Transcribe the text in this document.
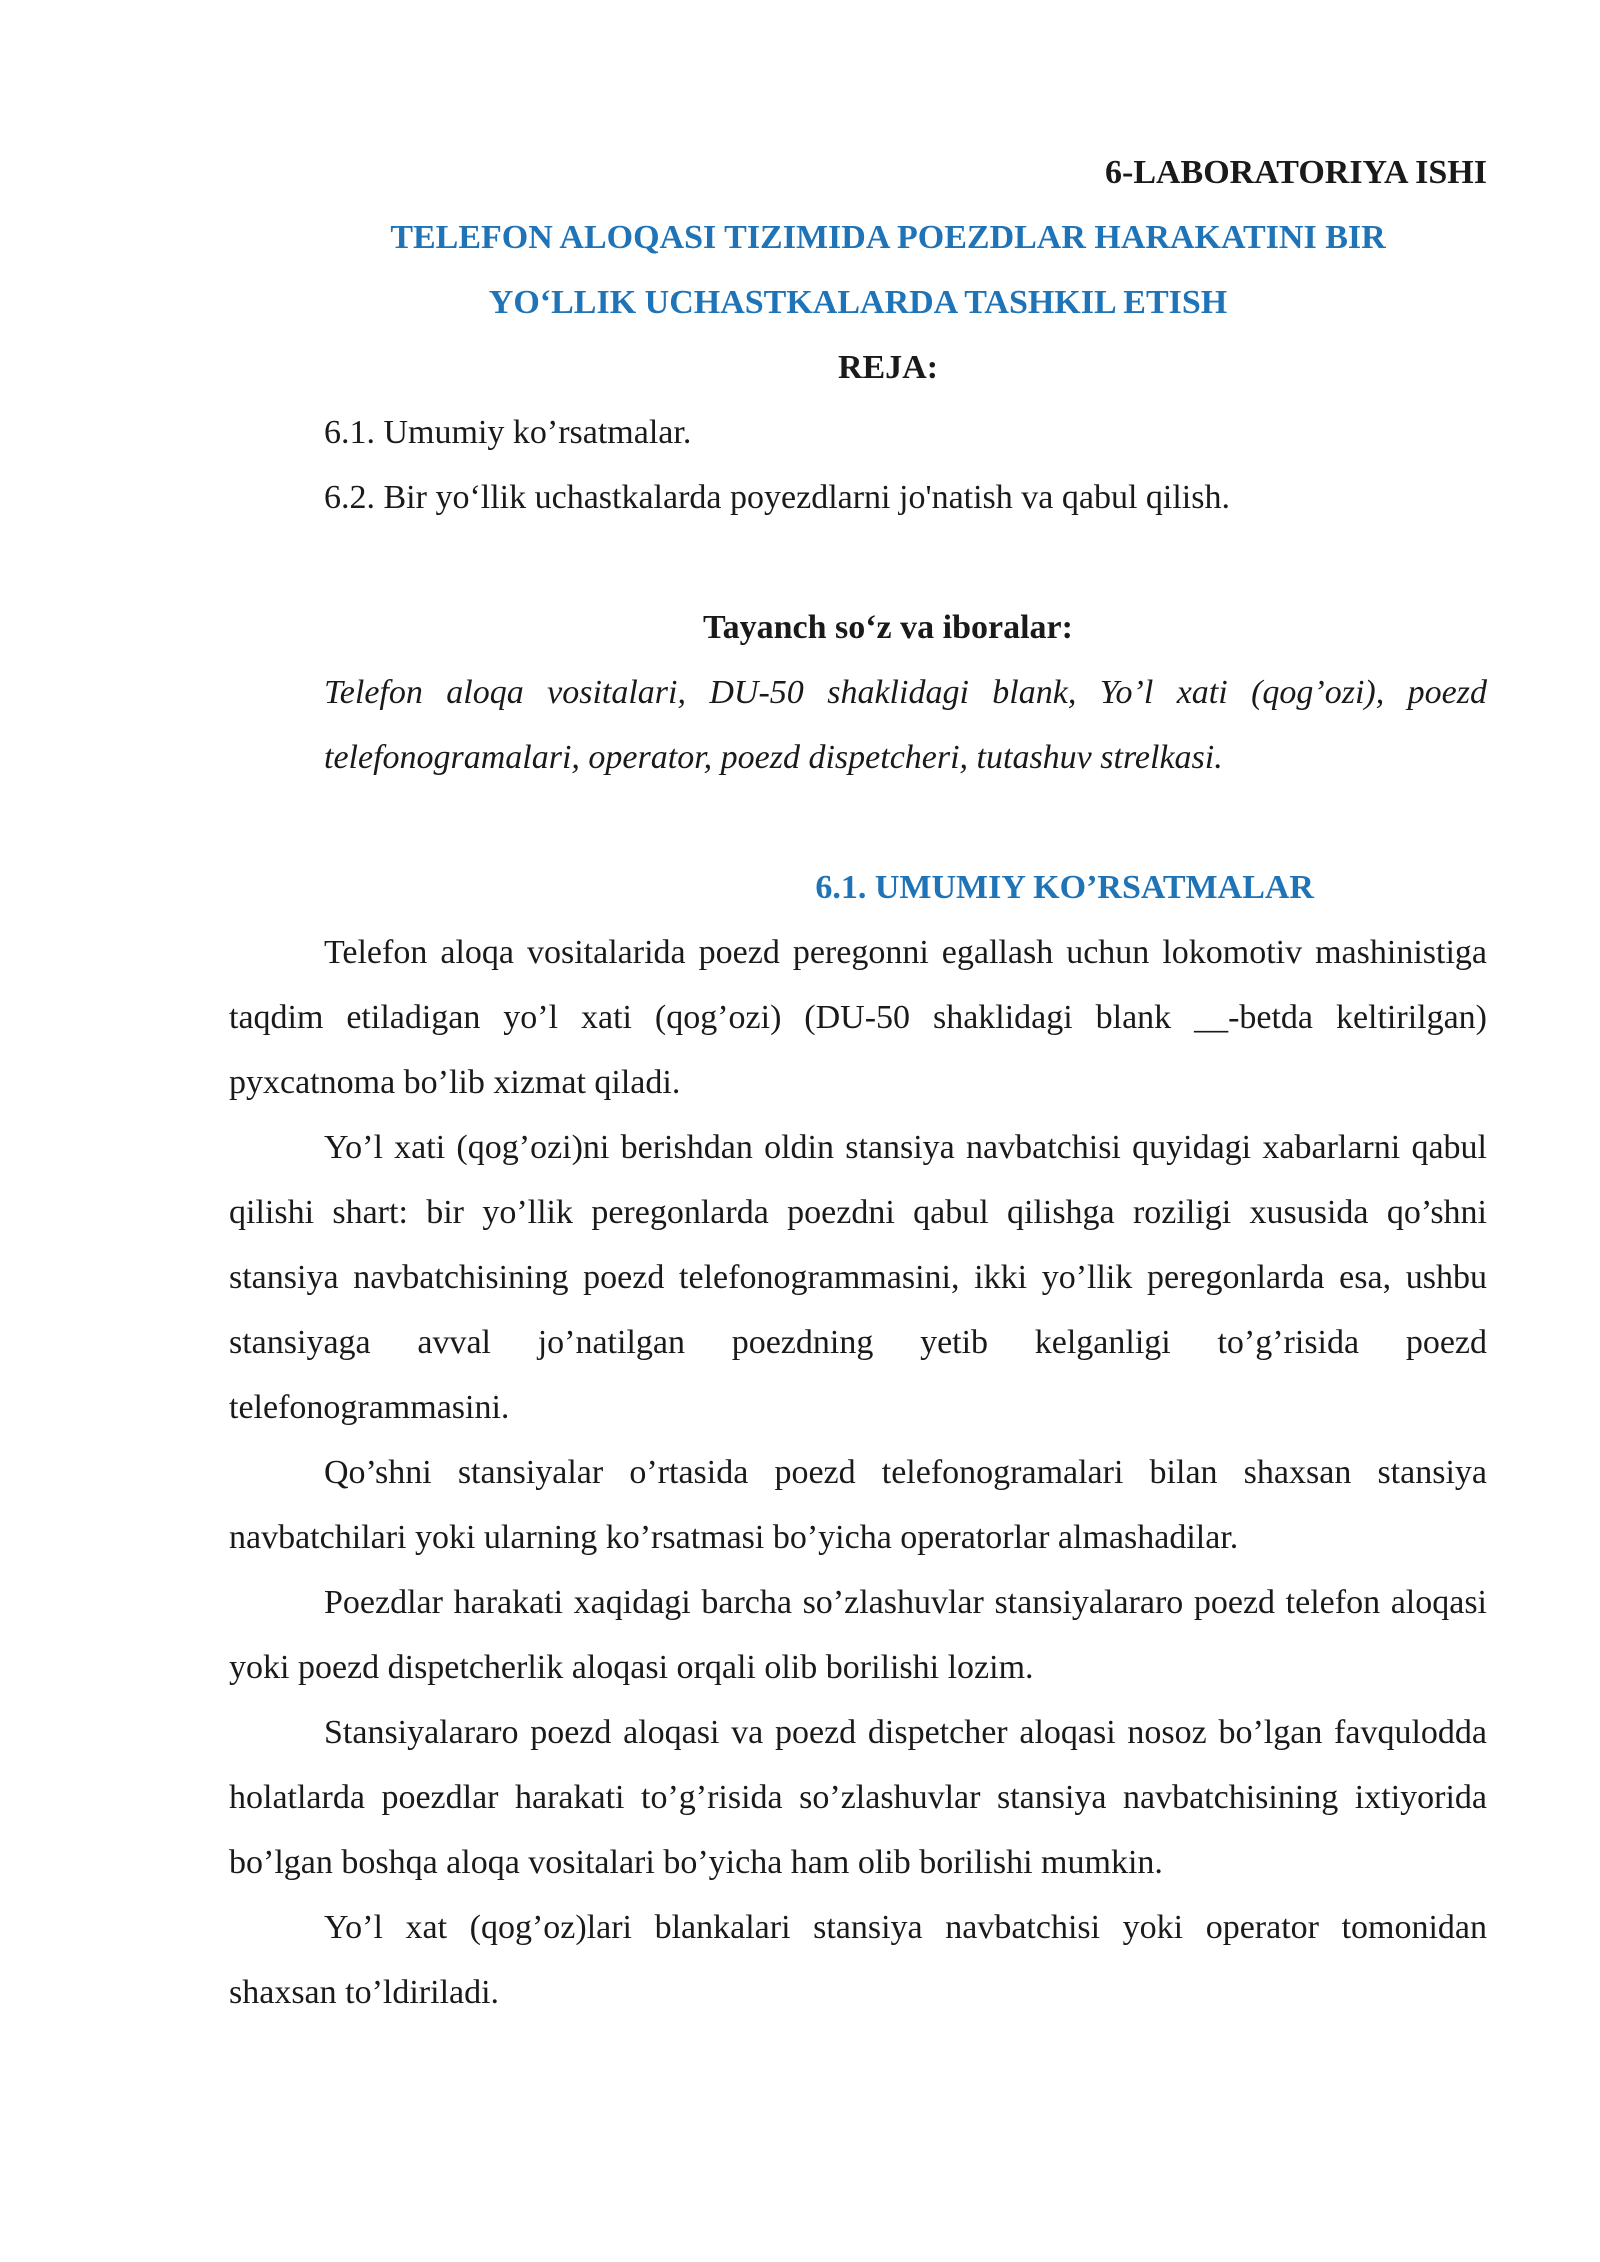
6-LABORATORIYA ISHI

TELEFON ALOQASI TIZIMIDA POEZDLAR HARAKATINI BIR

YO‘LLIK UCHASTKALARDA TASHKIL ETISH

REJA:

6.1. Umumiy ko’rsatmalar.

6.2. Bir yo‘llik uchastkalarda poyezdlarni jo'natish va qabul qilish.

Tayanch so‘z va iboralar:

Telefon aloqa vositalari, DU-50 shaklidagi blank, Yo’l xati (qog’ozi), poezd telefonogramalari, operator, poezd dispetcheri, tutashuv strelkasi.

6.1. UMUMIY KO’RSATMALAR

Telefon aloqa vositalarida poezd peregonni egallash uchun lokomotiv mashinistiga taqdim etiladigan yo’l xati (qog’ozi) (DU-50 shaklidagi blank __-betda keltirilgan) pyxcatnoma bo’lib xizmat qiladi.

Yo’l xati (qog’ozi)ni berishdan oldin stansiya navbatchisi quyidagi xabarlarni qabul qilishi shart: bir yo’llik peregonlarda poezdni qabul qilishga roziligi xususida qo’shni stansiya navbatchisining poezd telefonogrammasini, ikki yo’llik peregonlarda esa, ushbu stansiyaga avval jo’natilgan poezdning yetib kelganligi to’g’risida poezd telefonogrammasini.

Qo’shni stansiyalar o’rtasida poezd telefonogramalari bilan shaxsan stansiya navbatchilari yoki ularning ko’rsatmasi bo’yicha operatorlar almashadilar.

Poezdlar harakati xaqidagi barcha so’zlashuvlar stansiyalararo poezd telefon aloqasi yoki poezd dispetcherlik aloqasi orqali olib borilishi lozim.

Stansiyalararo poezd aloqasi va poezd dispetcher aloqasi nosoz bo’lgan favqulodda holatlarda poezdlar harakati to’g’risida so’zlashuvlar stansiya navbatchisining ixtiyorida bo’lgan boshqa aloqa vositalari bo’yicha ham olib borilishi mumkin.

Yo’l xat (qog’oz)lari blankalari stansiya navbatchisi yoki operator tomonidan shaxsan to’ldiriladi.
